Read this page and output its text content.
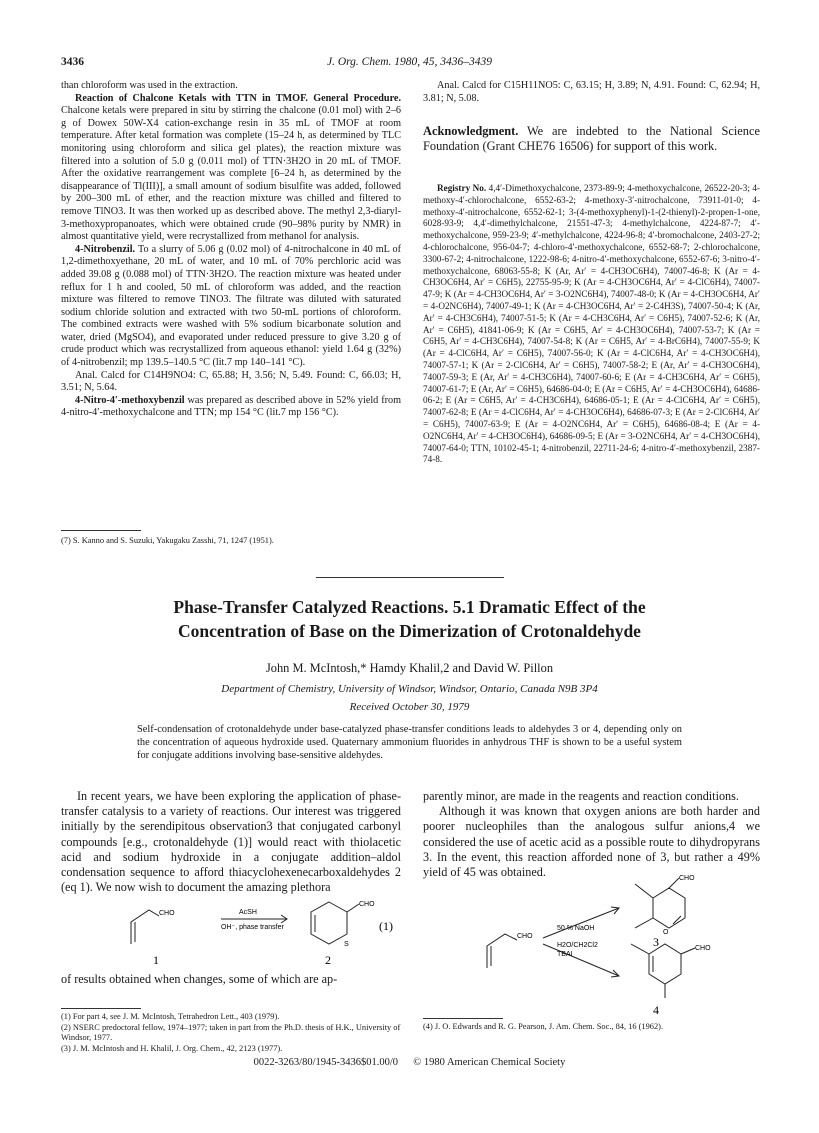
3436	J. Org. Chem. 1980, 45, 3436–3439

than chloroform was used in the extraction.

Reaction of Chalcone Ketals with TTN in TMOF. General Procedure. Chalcone ketals were prepared in situ by stirring the chalcone (0.01 mol) with 2–6 g of Dowex 50W-X4 cation-exchange resin in 35 mL of TMOF at room temperature. After ketal formation was complete (15–24 h, as determined by TLC monitoring using chloroform and silica gel plates), the reaction mixture was filtered into a solution of 5.0 g (0.011 mol) of TTN·3H2O in 20 mL of TMOF. After the oxidative rearrangement was complete [6–24 h, as determined by the disappearance of Tl(III)], a small amount of sodium bisulfite was added, followed by 200–300 mL of ether, and the reaction mixture was chilled and filtered to remove TlNO3. It was then worked up as described above. The methyl 2,3-diaryl-3-methoxypropanoates, which were obtained crude (90–98% purity by NMR) in almost quantitative yield, were recrystallized from methanol for analysis.

4-Nitrobenzil. To a slurry of 5.06 g (0.02 mol) of 4-nitrochalcone in 40 mL of 1,2-dimethoxyethane, 20 mL of water, and 10 mL of 70% perchloric acid was added 39.08 g (0.088 mol) of TTN·3H2O. The reaction mixture was heated under reflux for 1 h and cooled, 50 mL of chloroform was added, and the reaction mixture was filtered to remove TlNO3. The filtrate was diluted with saturated sodium chloride solution and extracted with two 50-mL portions of chloroform. The combined extracts were washed with 5% sodium bicarbonate solution and water, dried (MgSO4), and evaporated under reduced pressure to give 3.20 g of crude product which was recrystallized from aqueous ethanol: yield 1.64 g (32%) of 4-nitrobenzil; mp 139.5–140.5 °C (lit.7 mp 140–141 °C).

Anal. Calcd for C14H9NO4: C, 65.88; H, 3.56; N, 5.49. Found: C, 66.03; H, 3.51; N, 5.64.

4-Nitro-4′-methoxybenzil was prepared as described above in 52% yield from 4-nitro-4′-methoxychalcone and TTN; mp 154 °C (lit.7 mp 156 °C).

(7) S. Kanno and S. Suzuki, Yakugaku Zasshi, 71, 1247 (1951).

Anal. Calcd for C15H11NO5: C, 63.15; H, 3.89; N, 4.91. Found: C, 62.94; H, 3.81; N, 5.08.

Acknowledgment. We are indebted to the National Science Foundation (Grant CHE76 16506) for support of this work.
Registry No. 4,4′-Dimethoxychalcone, 2373-89-9; 4-methoxychalcone, 26522-20-3; 4-methoxy-4′-chlorochalcone, 6552-63-2; 4-methoxy-3′-nitrochalcone, 73911-01-0; 4-methoxy-4′-nitrochalcone, 6552-62-1; 3-(4-methoxyphenyl)-1-(2-thienyl)-2-propen-1-one, 6028-93-9; 4,4′-dimethylchalcone, 21551-47-3; 4-methylchalcone, 4224-87-7; 4′-methoxychalcone, 959-23-9; 4′-methylchalcone, 4224-96-8; 4′-bromochalcone, 2403-27-2; 4-chlorochalcone, 956-04-7; 4-chloro-4′-methoxychalcone, 6552-68-7; 2-chlorochalcone, 3300-67-2; 4-nitrochalcone, 1222-98-6; 4-nitro-4′-methoxychalcone, 6552-67-6; 3-nitro-4′-methoxychalcone, 68063-55-8; K (Ar, Ar′ = 4-CH3OC6H4), 74007-46-8; K (Ar = 4-CH3OC6H4, Ar′ = C6H5), 22755-95-9; K (Ar = 4-CH3OC6H4, Ar′ = 4-ClC6H4), 74007-47-9; K (Ar = 4-CH3OC6H4, Ar′ = 3-O2NC6H4), 74007-48-0; K (Ar = 4-CH3OC6H4, Ar′ = 4-O2NC6H4), 74007-49-1; K (Ar = 4-CH3OC6H4, Ar′ = 2-C4H3S), 74007-50-4; K (Ar, Ar′ = 4-CH3C6H4), 74007-51-5; K (Ar = 4-CH3C6H4, Ar′ = C6H5), 74007-52-6; K (Ar, Ar′ = C6H5), 41841-06-9; K (Ar = C6H5, Ar′ = 4-CH3OC6H4), 74007-53-7; K (Ar = C6H5, Ar′ = 4-CH3C6H4), 74007-54-8; K (Ar = C6H5, Ar′ = 4-BrC6H4), 74007-55-9; K (Ar = 4-ClC6H4, Ar′ = C6H5), 74007-56-0; K (Ar = 4-ClC6H4, Ar′ = 4-CH3OC6H4), 74007-57-1; K (Ar = 2-ClC6H4, Ar′ = C6H5), 74007-58-2; E (Ar, Ar′ = 4-CH3OC6H4), 74007-59-3; E (Ar, Ar′ = 4-CH3C6H4), 74007-60-6; E (Ar = 4-CH3C6H4, Ar′ = C6H5), 74007-61-7; E (Ar, Ar′ = C6H5), 64686-04-0; E (Ar = C6H5, Ar′ = 4-CH3OC6H4), 64686-06-2; E (Ar = C6H5, Ar′ = 4-CH3C6H4), 64686-05-1; E (Ar = 4-ClC6H4, Ar′ = C6H5), 74007-62-8; E (Ar = 4-ClC6H4, Ar′ = 4-CH3OC6H4), 64686-07-3; E (Ar = 2-ClC6H4, Ar′ = C6H5), 74007-63-9; E (Ar = 4-O2NC6H4, Ar′ = C6H5), 64686-08-4; E (Ar = 4-O2NC6H4, Ar′ = 4-CH3OC6H4), 64686-09-5; E (Ar = 3-O2NC6H4, Ar′ = 4-CH3OC6H4), 74007-64-0; TTN, 10102-45-1; 4-nitrobenzil, 22711-24-6; 4-nitro-4′-methoxybenzil, 2387-74-8.
Phase-Transfer Catalyzed Reactions. 5.1 Dramatic Effect of the
Concentration of Base on the Dimerization of Crotonaldehyde
John M. McIntosh,* Hamdy Khalil,2 and David W. Pillon
Department of Chemistry, University of Windsor, Windsor, Ontario, Canada N9B 3P4
Received October 30, 1979
Self-condensation of crotonaldehyde under base-catalyzed phase-transfer conditions leads to aldehydes 3 or 4, depending only on the concentration of aqueous hydroxide used. Quaternary ammonium fluorides in anhydrous THF is shown to be a useful system for conjugate additions involving base-sensitive aldehydes.

In recent years, we have been exploring the application of phase-transfer catalysis to a variety of reactions. Our interest was triggered initially by the serendipitous observation3 that conjugated carbonyl compounds [e.g., crotonaldehyde (1)] would react with thiolacetic acid and sodium hydroxide in a conjugate addition–aldol condensation sequence to afford thiacyclohexenecarboxaldehydes 2 (eq 1). We now wish to document the amazing plethora

CHO	AcSH
OH⁻, phase transfer
CHO
S
(1)
1	2
of results obtained when changes, some of which are ap-

parently minor, are made in the reagents and reaction conditions.

Although it was known that oxygen anions are both harder and poorer nucleophiles than the analogous sulfur anions,4 we considered the use of acetic acid as a possible route to dihydropyrans 3. In the event, this reaction afforded none of 3, but rather a 49% yield of 45 was obtained.

CHO
50 % NaOH
H2O/CH2Cl2
TBAI
CHO
O
CHO
3
4
(1) For part 4, see J. M. McIntosh, Tetrahedron Lett., 403 (1979).
(2) NSERC predoctoral fellow, 1974–1977; taken in part from the Ph.D. thesis of H.K., University of Windsor, 1977.
(3) J. M. McIntosh and H. Khalil, J. Org. Chem., 42, 2123 (1977).
(4) J. O. Edwards and R. G. Pearson, J. Am. Chem. Soc., 84, 16 (1962).
0022-3263/80/1945-3436$01.00/0 © 1980 American Chemical Society
